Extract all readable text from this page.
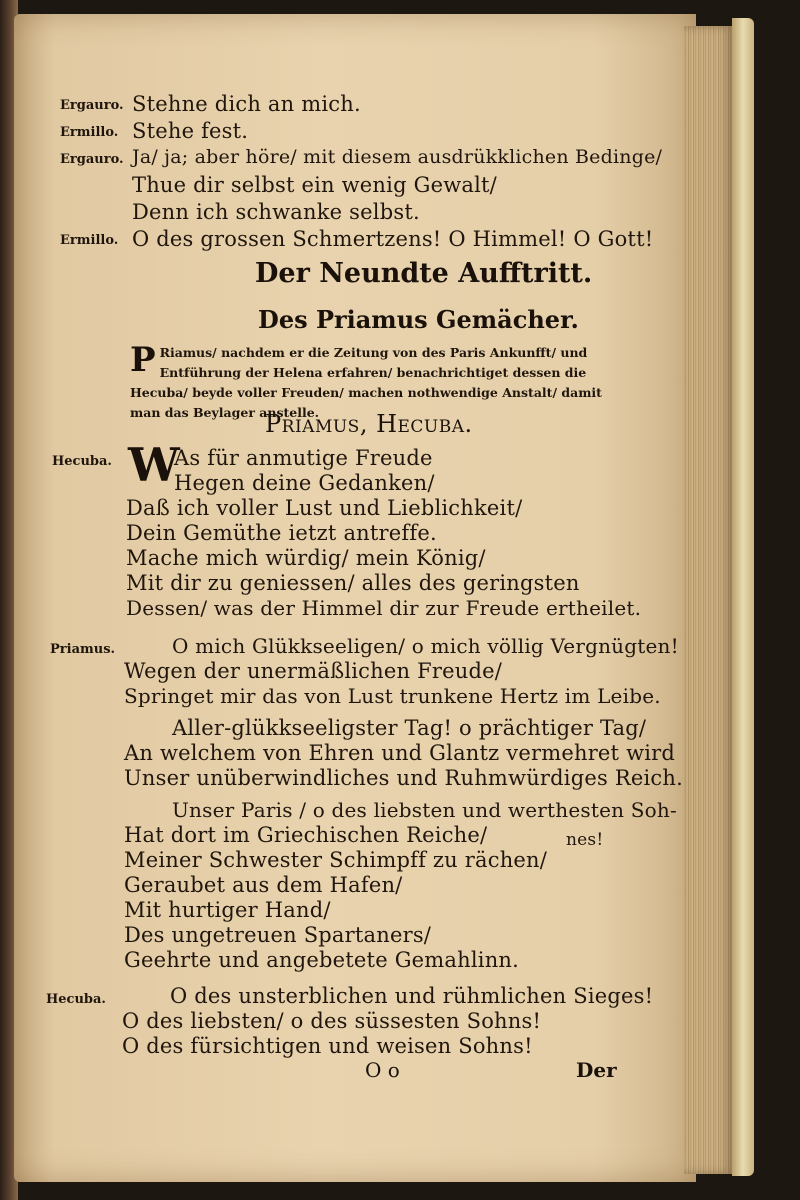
Ergauro. Stehne dich an mich.
Ermillo. Stehe fest.
Ergauro. Ja/ ja; aber höre/ mit diesem ausdrükklichen Bedinge/
Thue dir selbst ein wenig Gewalt/
Denn ich schwanke selbst.
Ermillo. O des grossen Schmertzens! O Himmel! O Gott!
Der Neundte Aufftritt.
Des Priamus Gemächer.
P Riamus/ nachdem er die Zeitung von des Paris Ankunfft/ und Entführung der Helena erfahren/ benachrichtiget dessen die Hecuba/ beyde voller Freuden/ machen nothwendige Anstalt/ damit man das Beylager anstelle.
Priamus, Hecuba.
Hecuba. W
As für anmutige Freude
Hegen deine Gedanken/
Daß ich voller Lust und Lieblichkeit/
Dein Gemüthe ietzt antreffe.
Mache mich würdig/ mein König/
Mit dir zu geniessen/ alles des geringsten
Dessen/ was der Himmel dir zur Freude ertheilet.
Priamus.	O mich Glükkseeligen/ o mich völlig Vergnügten!
Wegen der unermäßlichen Freude/
Springet mir das von Lust trunkene Hertz im Leibe.
Aller-glükkseeligster Tag! o prächtiger Tag/
An welchem von Ehren und Glantz vermehret wird
Unser unüberwindliches und Ruhmwürdiges Reich.
Unser Paris / o des liebsten und werthesten Soh-
Hat dort im Griechischen Reiche/	nes!
Meiner Schwester Schimpff zu rächen/
Geraubet aus dem Hafen/
Mit hurtiger Hand/
Des ungetreuen Spartaners/
Geehrte und angebetete Gemahlinn.
Hecuba.	O des unsterblichen und rühmlichen Sieges!
O des liebsten/ o des süssesten Sohns!
O des fürsichtigen und weisen Sohns!
O o	Der
